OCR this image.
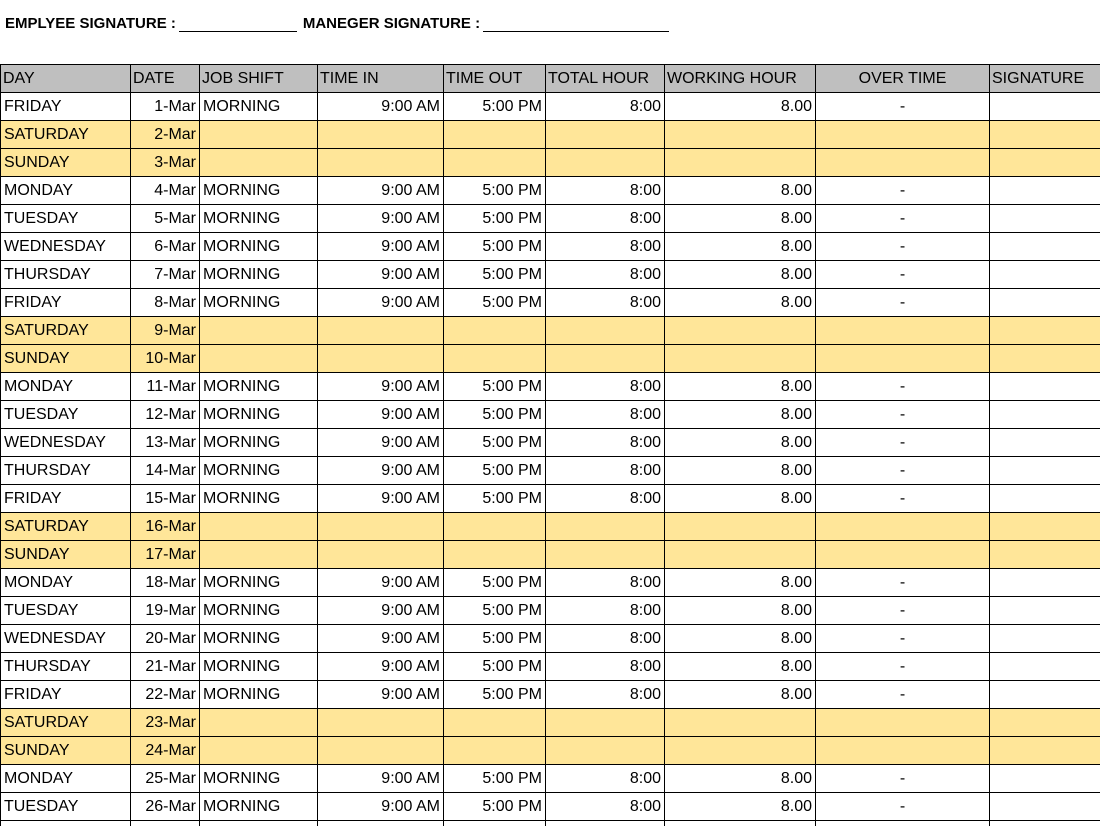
EMPLYEE SIGNATURE :	MANEGER SIGNATURE :
DAY	DATE	JOB SHIFT	TIME IN	TIME OUT	TOTAL HOUR	WORKING HOUR	OVER TIME	SIGNATURE
FRIDAY	1-Mar	MORNING	9:00 AM	5:00 PM	8:00	8.00	-	
SATURDAY	2-Mar							
SUNDAY	3-Mar							
MONDAY	4-Mar	MORNING	9:00 AM	5:00 PM	8:00	8.00	-	
TUESDAY	5-Mar	MORNING	9:00 AM	5:00 PM	8:00	8.00	-	
WEDNESDAY	6-Mar	MORNING	9:00 AM	5:00 PM	8:00	8.00	-	
THURSDAY	7-Mar	MORNING	9:00 AM	5:00 PM	8:00	8.00	-	
FRIDAY	8-Mar	MORNING	9:00 AM	5:00 PM	8:00	8.00	-	
SATURDAY	9-Mar							
SUNDAY	10-Mar							
MONDAY	11-Mar	MORNING	9:00 AM	5:00 PM	8:00	8.00	-	
TUESDAY	12-Mar	MORNING	9:00 AM	5:00 PM	8:00	8.00	-	
WEDNESDAY	13-Mar	MORNING	9:00 AM	5:00 PM	8:00	8.00	-	
THURSDAY	14-Mar	MORNING	9:00 AM	5:00 PM	8:00	8.00	-	
FRIDAY	15-Mar	MORNING	9:00 AM	5:00 PM	8:00	8.00	-	
SATURDAY	16-Mar							
SUNDAY	17-Mar							
MONDAY	18-Mar	MORNING	9:00 AM	5:00 PM	8:00	8.00	-	
TUESDAY	19-Mar	MORNING	9:00 AM	5:00 PM	8:00	8.00	-	
WEDNESDAY	20-Mar	MORNING	9:00 AM	5:00 PM	8:00	8.00	-	
THURSDAY	21-Mar	MORNING	9:00 AM	5:00 PM	8:00	8.00	-	
FRIDAY	22-Mar	MORNING	9:00 AM	5:00 PM	8:00	8.00	-	
SATURDAY	23-Mar							
SUNDAY	24-Mar							
MONDAY	25-Mar	MORNING	9:00 AM	5:00 PM	8:00	8.00	-	
TUESDAY	26-Mar	MORNING	9:00 AM	5:00 PM	8:00	8.00	-	
